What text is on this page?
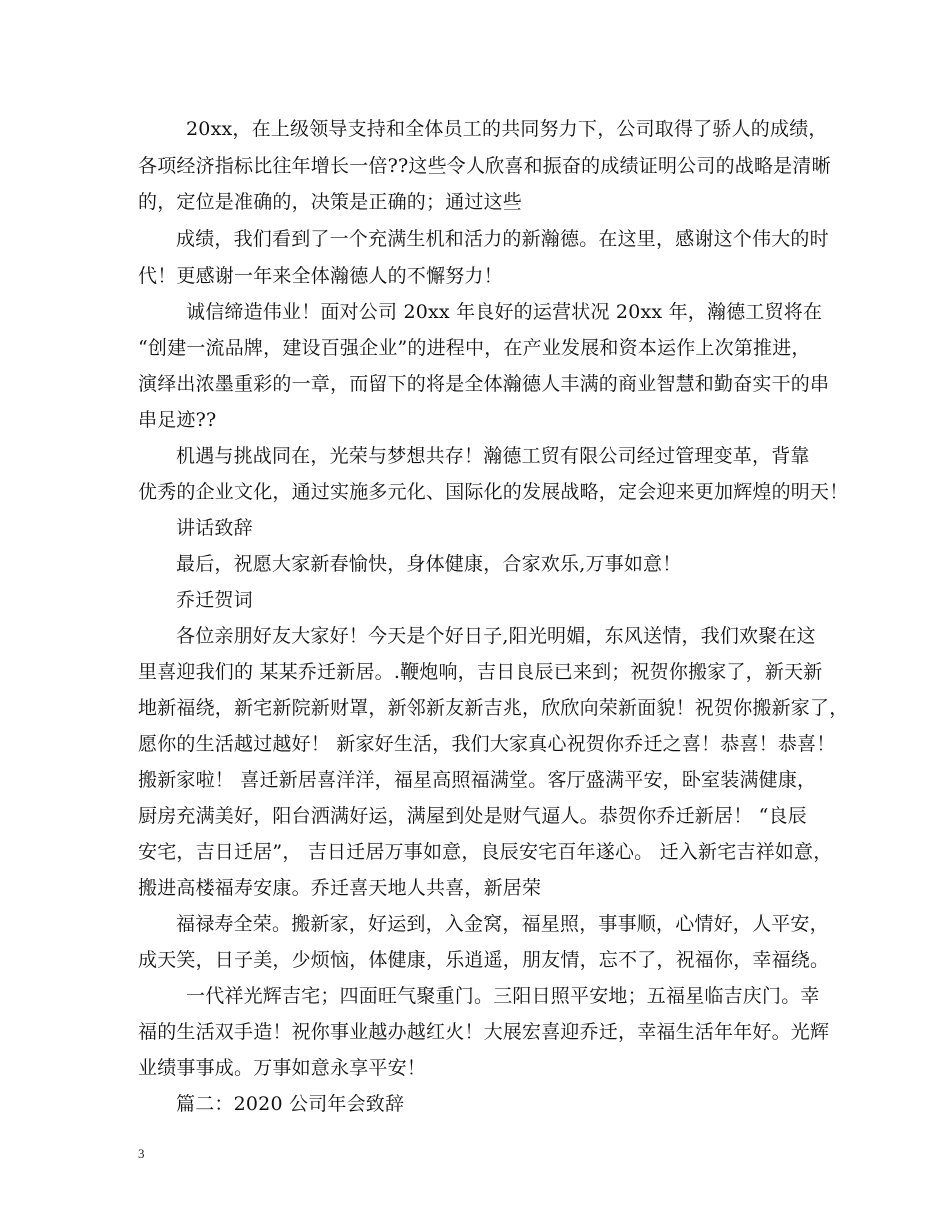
20xx，在上级领导支持和全体员工的共同努力下，公司取得了骄人的成绩，
各项经济指标比往年增长一倍??这些令人欣喜和振奋的成绩证明公司的战略是清晰
的，定位是准确的，决策是正确的；通过这些
成绩，我们看到了一个充满生机和活力的新瀚德。在这里，感谢这个伟大的时
代！更感谢一年来全体瀚德人的不懈努力！
诚信缔造伟业！面对公司 20xx 年良好的运营状况 20xx 年，瀚德工贸将在
“创建一流品牌，建设百强企业”的进程中，在产业发展和资本运作上次第推进，
演绎出浓墨重彩的一章，而留下的将是全体瀚德人丰满的商业智慧和勤奋实干的串
串足迹??
机遇与挑战同在，光荣与梦想共存！瀚德工贸有限公司经过管理变革，背靠
优秀的企业文化，通过实施多元化、国际化的发展战略，定会迎来更加辉煌的明天！
讲话致辞
最后，祝愿大家新春愉快，身体健康，合家欢乐,万事如意！
乔迁贺词
各位亲朋好友大家好！今天是个好日子,阳光明媚，东风送情，我们欢聚在这
里喜迎我们的 某某乔迁新居。.鞭炮响，吉日良辰已来到；祝贺你搬家了，新天新
地新福绕，新宅新院新财罩，新邻新友新吉兆，欣欣向荣新面貌！祝贺你搬新家了，
愿你的生活越过越好！ 新家好生活，我们大家真心祝贺你乔迁之喜！恭喜！恭喜！
搬新家啦！ 喜迁新居喜洋洋，福星高照福满堂。客厅盛满平安，卧室装满健康，
厨房充满美好，阳台洒满好运，满屋到处是财气逼人。恭贺你乔迁新居！ “良辰
安宅，吉日迁居”， 吉日迁居万事如意，良辰安宅百年遂心。 迁入新宅吉祥如意，
搬进高楼福寿安康。乔迁喜天地人共喜，新居荣
福禄寿全荣。搬新家，好运到，入金窝，福星照，事事顺，心情好，人平安，
成天笑，日子美，少烦恼，体健康，乐逍遥，朋友情，忘不了，祝福你，幸福绕。
一代祥光辉吉宅；四面旺气聚重门。三阳日照平安地；五福星临吉庆门。幸
福的生活双手造！祝你事业越办越红火！大展宏喜迎乔迁，幸福生活年年好。光辉
业绩事事成。万事如意永享平安！
篇二：2020 公司年会致辞
3
